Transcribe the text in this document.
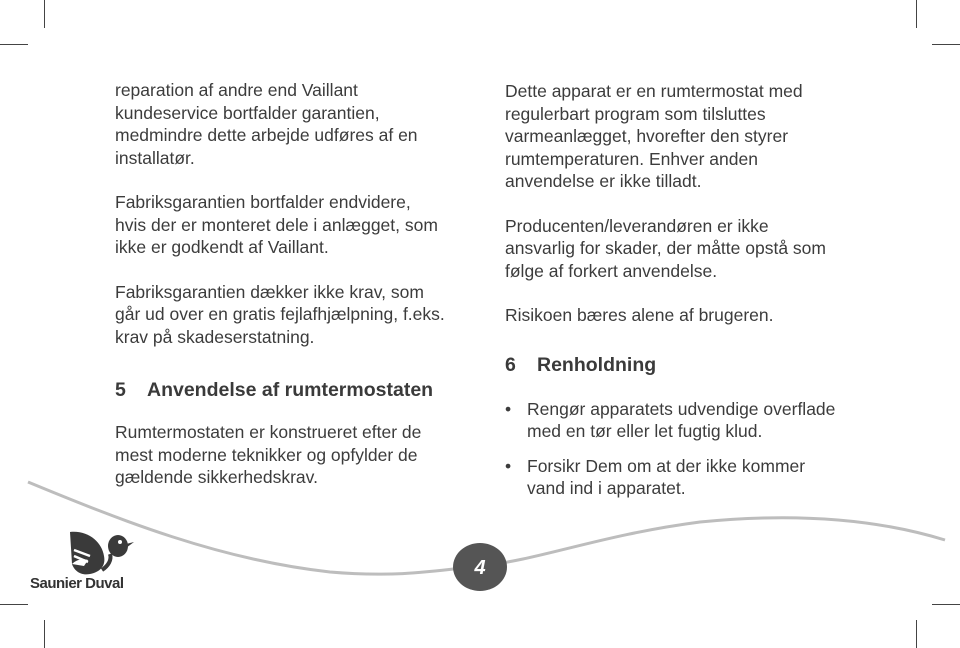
4

reparation af andre end Vaillant
kundeservice bortfalder garantien,
medmindre dette arbejde udføres af en
installatør.

Fabriksgarantien bortfalder endvidere,
hvis der er monteret dele i anlægget, som
ikke er godkendt af Vaillant.

Fabriksgarantien dækker ikke krav, som
går ud over en gratis fejlafhjælpning, f.eks.
krav på skadeserstatning.

5	Anvendelse af rumtermostaten

Rumtermostaten er konstrueret efter de
mest moderne teknikker og opfylder de
gældende sikkerhedskrav.

Dette apparat er en rumtermostat med
regulerbart program som tilsluttes
varmeanlægget, hvorefter den styrer
rumtemperaturen. Enhver anden
anvendelse er ikke tilladt.

Producenten/leverandøren er ikke
ansvarlig for skader, der måtte opstå som
følge af forkert anvendelse.

Risikoen bæres alene af brugeren.

6	Renholdning
• Rengør apparatets udvendige overflade
med en tør eller let fugtig klud.
• Forsikr Dem om at der ikke kommer
vand ind i apparatet.
Saunier Duval
